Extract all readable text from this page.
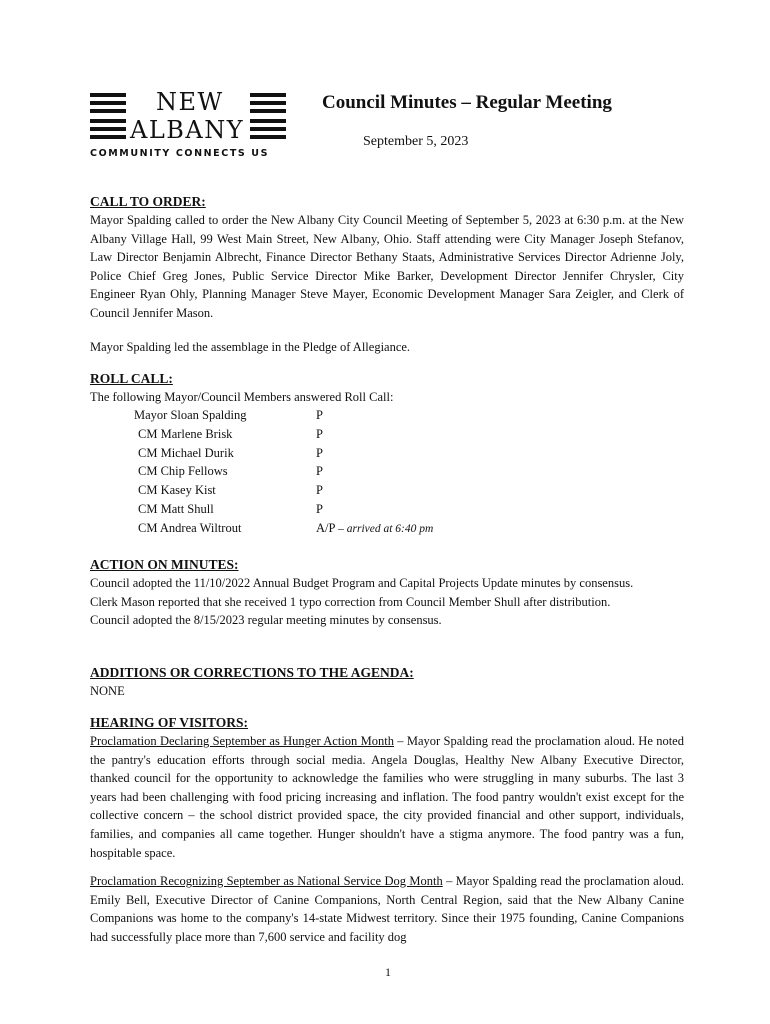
NEW
ALBANY
COMMUNITY CONNECTS US
Council Minutes – Regular Meeting
September 5, 2023
CALL TO ORDER:
Mayor Spalding called to order the New Albany City Council Meeting of September 5, 2023 at 6:30 p.m. at the New Albany Village Hall, 99 West Main Street, New Albany, Ohio. Staff attending were City Manager Joseph Stefanov, Law Director Benjamin Albrecht, Finance Director Bethany Staats, Administrative Services Director Adrienne Joly, Police Chief Greg Jones, Public Service Director Mike Barker, Development Director Jennifer Chrysler, City Engineer Ryan Ohly, Planning Manager Steve Mayer, Economic Development Manager Sara Zeigler, and Clerk of Council Jennifer Mason.
Mayor Spalding led the assemblage in the Pledge of Allegiance.
ROLL CALL:
The following Mayor/Council Members answered Roll Call:
Mayor Sloan Spalding	P
CM Marlene Brisk	P
CM Michael Durik	P
CM Chip Fellows	P
CM Kasey Kist	P
CM Matt Shull	P
CM Andrea Wiltrout	A/P – arrived at 6:40 pm
ACTION ON MINUTES:
Council adopted the 11/10/2022 Annual Budget Program and Capital Projects Update minutes by consensus.
Clerk Mason reported that she received 1 typo correction from Council Member Shull after distribution.
Council adopted the 8/15/2023 regular meeting minutes by consensus.
ADDITIONS OR CORRECTIONS TO THE AGENDA:
NONE
HEARING OF VISITORS:
Proclamation Declaring September as Hunger Action Month – Mayor Spalding read the proclamation aloud. He noted the pantry's education efforts through social media. Angela Douglas, Healthy New Albany Executive Director, thanked council for the opportunity to acknowledge the families who were struggling in many suburbs. The last 3 years had been challenging with food pricing increasing and inflation. The food pantry wouldn't exist except for the collective concern – the school district provided space, the city provided financial and other support, individuals, families, and companies all came together. Hunger shouldn't have a stigma anymore. The food pantry was a fun, hospitable space.
Proclamation Recognizing September as National Service Dog Month – Mayor Spalding read the proclamation aloud. Emily Bell, Executive Director of Canine Companions, North Central Region, said that the New Albany Canine Companions was home to the company's 14-state Midwest territory. Since their 1975 founding, Canine Companions had successfully place more than 7,600 service and facility dog
1
